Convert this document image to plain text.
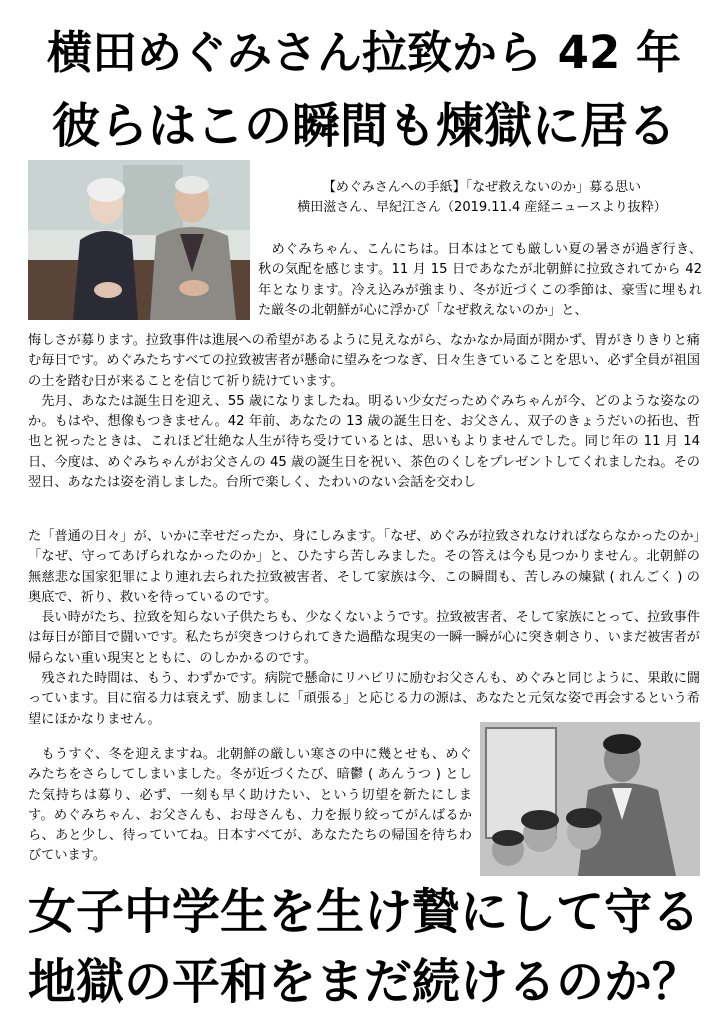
横田めぐみさん拉致から 42 年
彼らはこの瞬間も煉獄に居る
【めぐみさんへの手紙】「なぜ救えないのか」募る思い
横田滋さん、早紀江さん（2019.11.4 産経ニュースより抜粋）

　めぐみちゃん、こんにちは。日本はとても厳しい夏の暑さが過ぎ行き、秋の気配を感じます。11 月 15 日であなたが北朝鮮に拉致されてから 42 年となります。冷え込みが強まり、冬が近づくこの季節は、豪雪に埋もれた厳冬の北朝鮮が心に浮かび「なぜ救えないのか」と、

悔しさが募ります。拉致事件は進展への希望があるように見えながら、なかなか局面が開かず、胃がきりきりと痛む毎日です。めぐみたちすべての拉致被害者が懸命に望みをつなぎ、日々生きていることを思い、必ず全員が祖国の土を踏む日が来ることを信じて祈り続けています。

　先月、あなたは誕生日を迎え、55 歳になりましたね。明るい少女だっためぐみちゃんが今、どのような姿なのか。もはや、想像もつきません。42 年前、あなたの 13 歳の誕生日を、お父さん、双子のきょうだいの拓也、哲也と祝ったときは、これほど壮絶な人生が待ち受けているとは、思いもよりませんでした。同じ年の 11 月 14 日、今度は、めぐみちゃんがお父さんの 45 歳の誕生日を祝い、茶色のくしをプレゼントしてくれましたね。その翌日、あなたは姿を消しました。台所で楽しく、たわいのない会話を交わし

た「普通の日々」が、いかに幸せだったか、身にしみます。「なぜ、めぐみが拉致されなければならなかったのか」「なぜ、守ってあげられなかったのか」と、ひたすら苦しみました。その答えは今も見つかりません。北朝鮮の無慈悲な国家犯罪により連れ去られた拉致被害者、そして家族は今、この瞬間も、苦しみの煉獄 ( れんごく ) の奥底で、祈り、救いを待っているのです。

　長い時がたち、拉致を知らない子供たちも、少なくないようです。拉致被害者、そして家族にとって、拉致事件は毎日が節目で闘いです。私たちが突きつけられてきた過酷な現実の一瞬一瞬が心に突き刺さり、いまだ被害者が帰らない重い現実とともに、のしかかるのです。

　残された時間は、もう、わずかです。病院で懸命にリハビリに励むお父さんも、めぐみと同じように、果敢に闘っています。目に宿る力は衰えず、励ましに「頑張る」と応じる力の源は、あなたと元気な姿で再会するという希望にほかなりません。

　もうすぐ、冬を迎えますね。北朝鮮の厳しい寒さの中に幾とせも、めぐみたちをさらしてしまいました。冬が近づくたび、暗鬱 ( あんうつ ) とした気持ちは募り、必ず、一刻も早く助けたい、という切望を新たにします。めぐみちゃん、お父さんも、お母さんも、力を振り絞ってがんばるから、あと少し、待っていてね。日本すべてが、あなたたちの帰国を待ちわびています。

女子中学生を生け贄にして守る
地獄の平和をまだ続けるのか？
